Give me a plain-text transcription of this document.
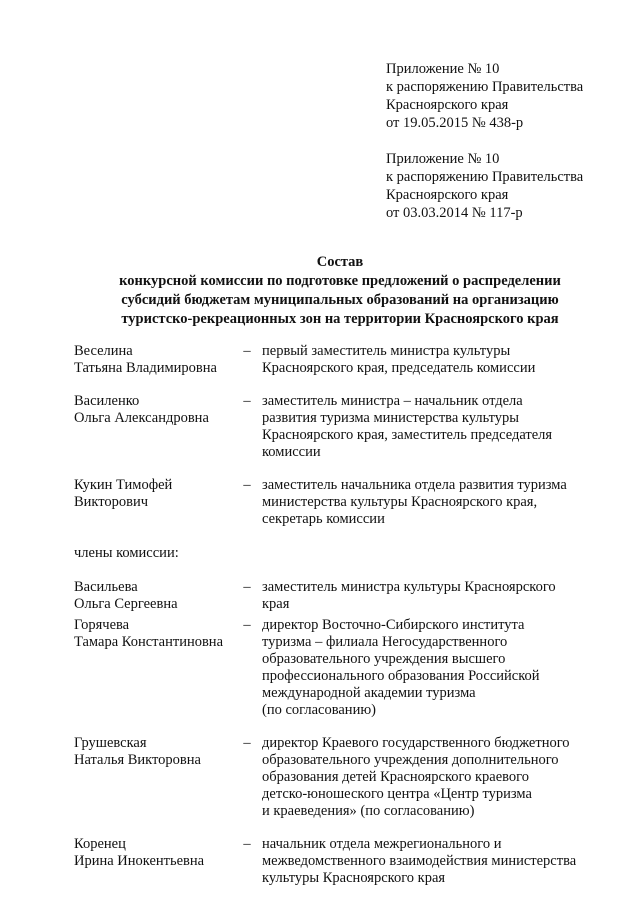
Приложение № 10
к распоряжению Правительства
Красноярского края
от 19.05.2015 № 438-р
Приложение № 10
к распоряжению Правительства
Красноярского края
от 03.03.2014 № 117-р
Состав
конкурсной комиссии по подготовке предложений о распределении
субсидий бюджетам муниципальных образований на организацию
туристско-рекреационных зон на территории Красноярского края
Веселина
Татьяна Владимировна
– первый заместитель министра культуры
Красноярского края, председатель комиссии
Василенко
Ольга Александровна
– заместитель министра – начальник отдела
развития туризма министерства культуры
Красноярского края, заместитель председателя
комиссии
Кукин Тимофей
Викторович
– заместитель начальника отдела развития туризма
министерства культуры Красноярского края,
секретарь комиссии
члены комиссии:
Васильева
Ольга Сергеевна
– заместитель министра культуры Красноярского
края
Горячева
Тамара Константиновна
– директор Восточно-Сибирского института
туризма – филиала Негосударственного
образовательного учреждения высшего
профессионального образования Российской
международной академии туризма
(по согласованию)
Грушевская
Наталья Викторовна
– директор Краевого государственного бюджетного
образовательного учреждения дополнительного
образования детей Красноярского краевого
детско-юношеского центра «Центр туризма
и краеведения» (по согласованию)
Коренец
Ирина Инокентьевна
– начальник отдела межрегионального и
межведомственного взаимодействия министерства
культуры Красноярского края
